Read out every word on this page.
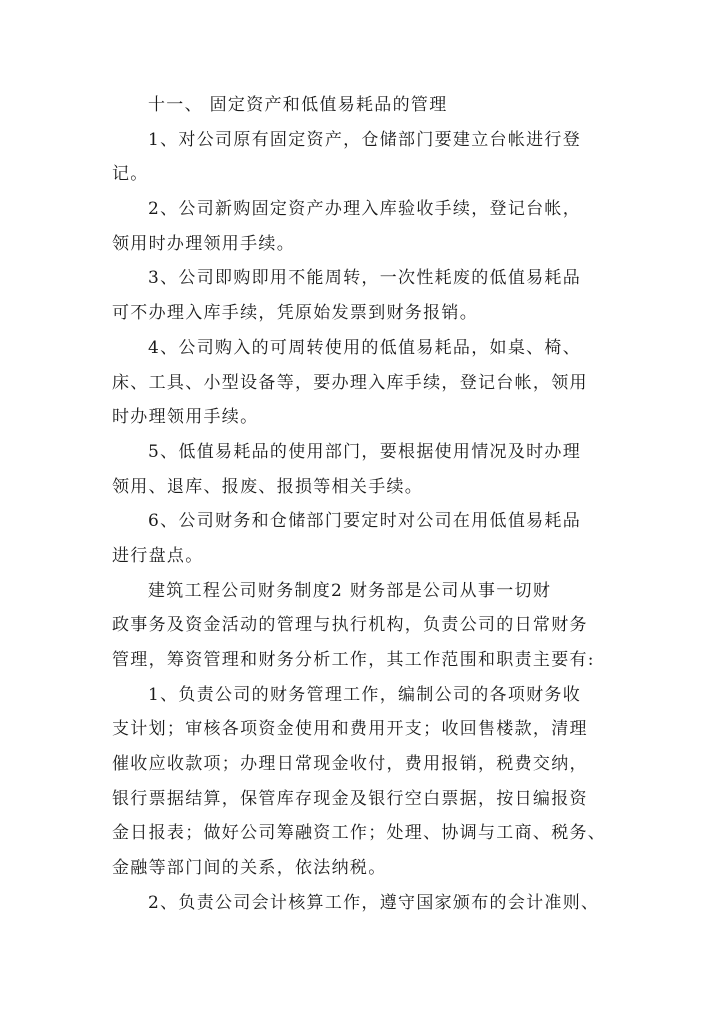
十一、 固定资产和低值易耗品的管理
1、对公司原有固定资产，仓储部门要建立台帐进行登
记。
2、公司新购固定资产办理入库验收手续，登记台帐，
领用时办理领用手续。
3、公司即购即用不能周转，一次性耗废的低值易耗品
可不办理入库手续，凭原始发票到财务报销。
4、公司购入的可周转使用的低值易耗品，如桌、椅、
床、工具、小型设备等，要办理入库手续，登记台帐，领用
时办理领用手续。
5、低值易耗品的使用部门，要根据使用情况及时办理
领用、退库、报废、报损等相关手续。
6、公司财务和仓储部门要定时对公司在用低值易耗品
进行盘点。
建筑工程公司财务制度2 财务部是公司从事一切财
政事务及资金活动的管理与执行机构，负责公司的日常财务
管理，筹资管理和财务分析工作，其工作范围和职责主要有:
1、负责公司的财务管理工作，编制公司的各项财务收
支计划；审核各项资金使用和费用开支；收回售楼款，清理
催收应收款项；办理日常现金收付，费用报销，税费交纳，
银行票据结算，保管库存现金及银行空白票据，按日编报资
金日报表；做好公司筹融资工作；处理、协调与工商、税务、
金融等部门间的关系，依法纳税。
2、负责公司会计核算工作，遵守国家颁布的会计准则、
